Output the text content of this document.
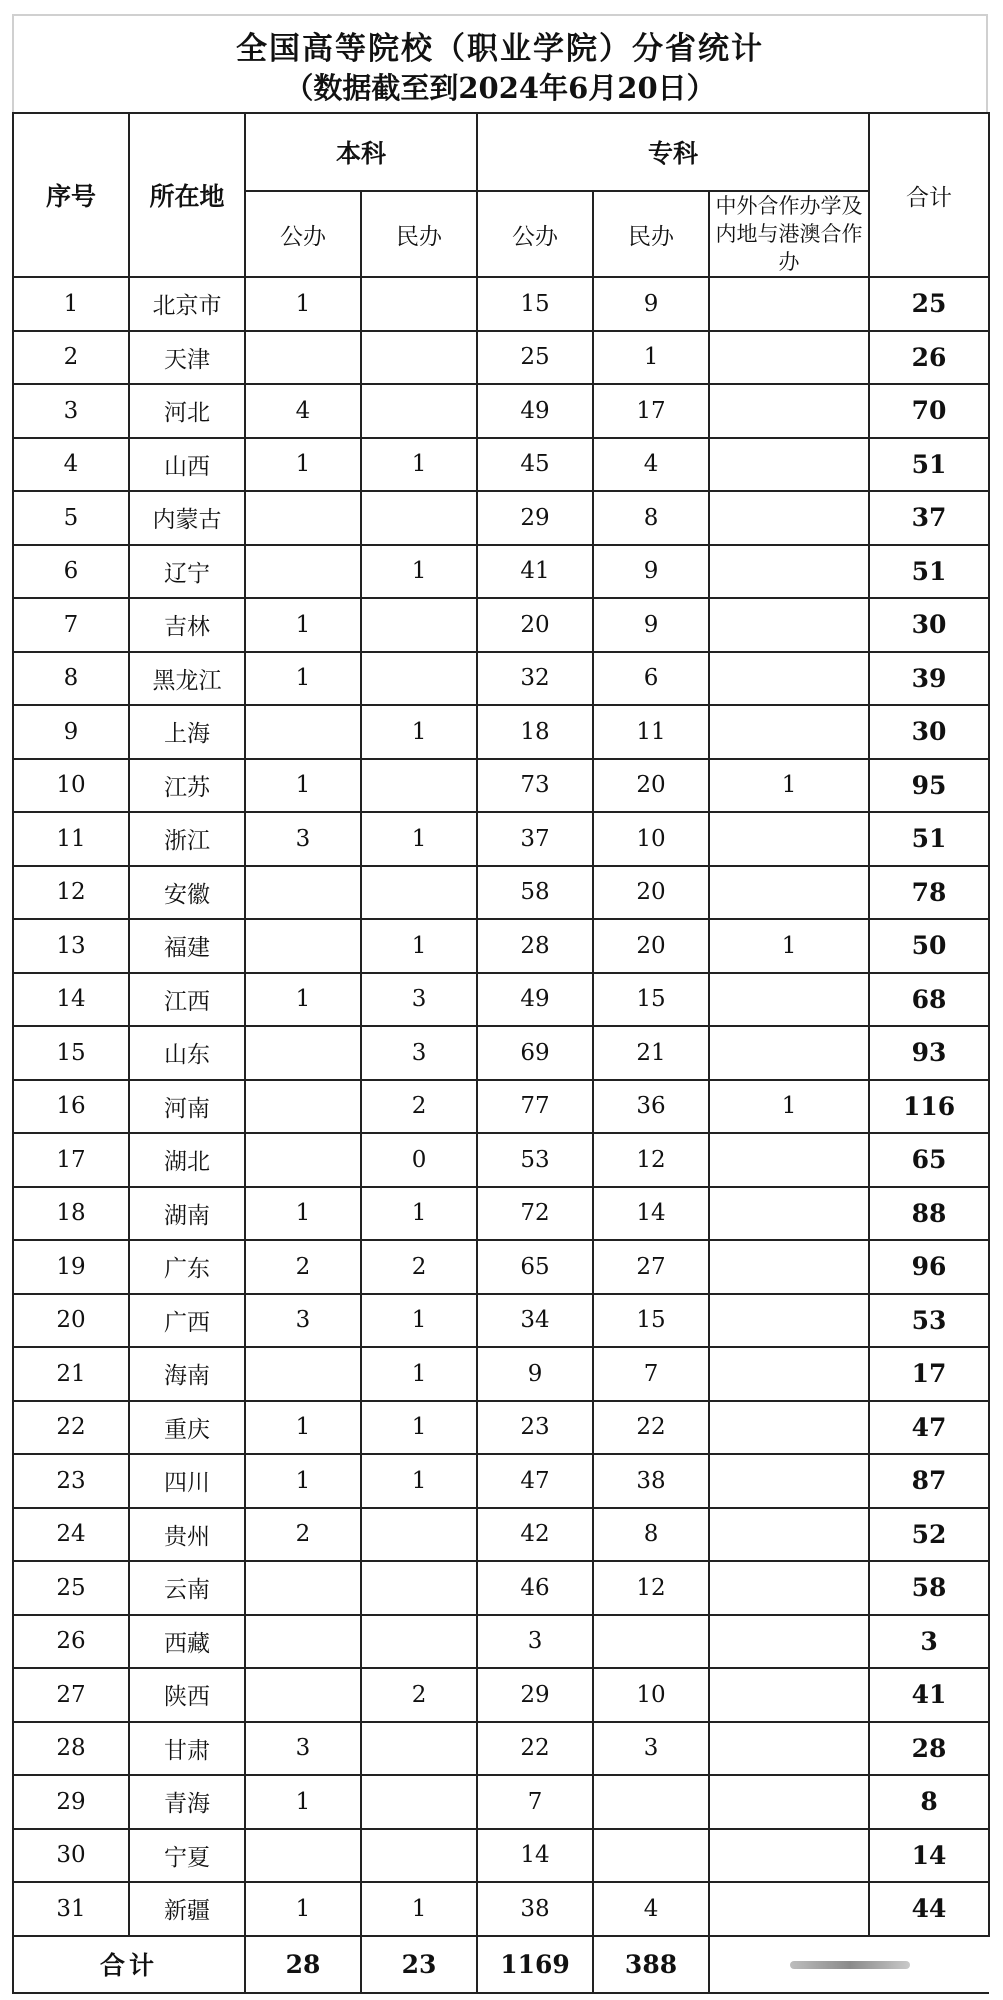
全国高等院校（职业学院）分省统计
（数据截至到2024年6月20日）
序号	所在地	本科		专科			合计
		公办	民办	公办	民办	中外合作办学及内地与港澳合作办	
1	北京市	1		15	9		25
2	天津			25	1		26
3	河北	4		49	17		70
4	山西	1	1	45	4		51
5	内蒙古			29	8		37
6	辽宁		1	41	9		51
7	吉林	1		20	9		30
8	黑龙江	1		32	6		39
9	上海		1	18	11		30
10	江苏	1		73	20	1	95
11	浙江	3	1	37	10		51
12	安徽			58	20		78
13	福建		1	28	20	1	50
14	江西	1	3	49	15		68
15	山东		3	69	21		93
16	河南		2	77	36	1	116
17	湖北		0	53	12		65
18	湖南	1	1	72	14		88
19	广东	2	2	65	27		96
20	广西	3	1	34	15		53
21	海南		1	9	7		17
22	重庆	1	1	23	22		47
23	四川	1	1	47	38		87
24	贵州	2		42	8		52
25	云南			46	12		58
26	西藏			3			3
27	陕西		2	29	10		41
28	甘肃	3		22	3		28
29	青海	1		7			8
30	宁夏			14			14
31	新疆	1	1	38	4		44
合计		28	23	1169	388		
